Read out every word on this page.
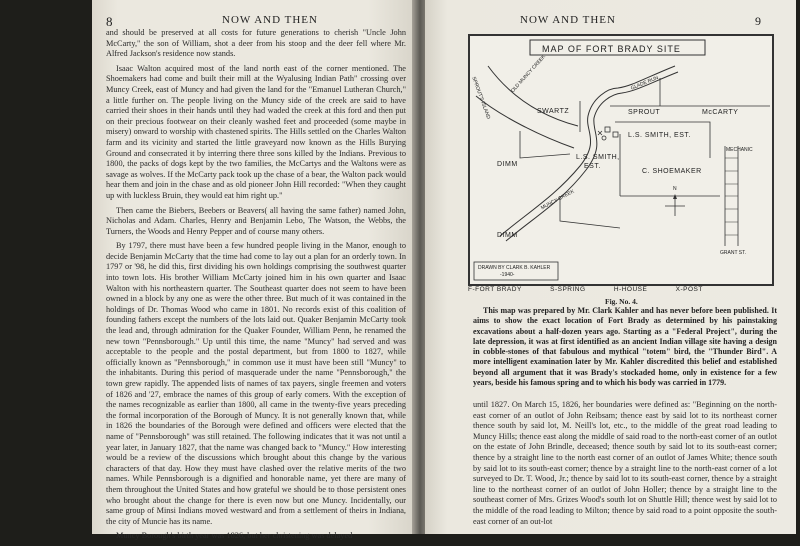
8	NOW AND THEN

and should be preserved at all costs for future generations to cherish "Uncle John McCarty," the son of William, shot a deer from his stoop and the deer fell where Mr. Alfred Jackson's residence now stands.

Isaac Walton acquired most of the land north east of the corner mentioned. The Shoemakers had come and built their mill at the Wyalusing Indian Path" crossing over Muncy Creek, east of Muncy and had given the land for the "Emanuel Lutheran Church," a little further on. The people living on the Muncy side of the creek are said to have carried their shoes in their hands until they had waded the creek at this ford and then put on their precious footwear on their cleanly washed feet and proceeded (some maybe in misery) onward to worship with chastened spirits. The Hills settled on the Charles Walton farm and its vicinity and started the little graveyard now known as the Hills Burying Ground and consecrated it by interring there three sons killed by the Indians. Previous to 1800, the packs of dogs kept by the two families, the McCartys and the Waltons were as savage as wolves. If the McCarty pack took up the chase of a bear, the Walton pack would hear them and join in the chase and as old pioneer John Hill recorded: "When they caught up with luckless Bruin, they would eat him right up."

Then came the Biebers, Beebers or Beavers( all having the same father) named John, Nicholas and Adam. Charles, Henry and Benjamin Lebo, The Watson, the Webbs, the Turners, the Woods and Henry Pepper and of course many others.

By 1797, there must have been a few hundred people living in the Manor, enough to decide Benjamin McCarty that the time had come to lay out a plan for an orderly town. In 1797 or '98, he did this, first dividing his own holdings comprising the southwest quarter into town lots. His brother William McCarty joined him in his own quarter and Isaac Walton with his northeastern quarter. The Southeast quarter does not seem to have been owned in a block by any one as were the other three. But much of it was contained in the holdings of Dr. Thomas Wood who came in 1801. No records exist of this coalition of founding fathers except the numbers of the lots laid out. Quaker Benjamin McCarty took the lead and, through admiration for the Quaker Founder, William Penn, he renamed the new town "Pennsborough." Up until this time, the name "Muncy" had served and was acceptable to the people and the postal department, but from 1800 to 1827, while officially known as "Pennsborough," in common use it must have been still "Muncy" to the inhabitants. During this period of masquerade under the name "Pennsborough," the town grew rapidly. The appended lists of names of tax payers, single freemen and voters of 1826 and '27, embrace the names of this group of early comers. With the exception of the names recognizable as earlier than 1800, all came in the twenty-five years preceding the formal incorporation of the Borough of Muncy. It is not generally known that, while in 1826 the boundaries of the Borough were defined and officers were elected that the name of "Pennsborough" was still retained. The following indicates that it was not until a year later, in January 1827, that the name was changed back to "Muncy." How interesting would be a review of the discussions which brought about this change by the various characters of that day. How they must have clashed over the relative merits of the two names. While Pennsborough is a dignified and honorable name, yet there are many of them throughout the United States and how grateful we should be to those persistent ones who brought about the change for there is even now but one Muncy. Incidentally, our same group of Minsi Indians moved westward and from a settlement of theirs in Indiana, the city of Muncie has its name.

Muncy Borough's birth year was 1826, but her christening was delayed

NOW AND THEN	9
MAP OF FORT BRADY SITE
SWARTZ	SPROUT	McCARTY
L.S. SMITH, EST.
L.S. SMITH,
EST.
C. SHOEMAKER
DIMM
DIMM
SPROUT'S ISLAND
OLD MUNCY CREEK
MUNCY CREEK
GLADE RUN
MECHANIC
GRANT ST.
N
DRAWN BY CLARK B. KAHLER
-1940-
F-FORT BRADY	S-SPRING	H-HOUSE	X-POST
Fig. No. 4.
This map was prepared by Mr. Clark Kahler and has never before been published. It aims to show the exact location of Fort Brady as determined by his painstaking excavations about a half-dozen years ago. Starting as a "Federal Project", during the late depression, it was at first identified as an ancient Indian village site having a design in cobble-stones of that fabulous and mythical "totem" bird, the "Thunder Bird". A more intelligent examination later by Mr. Kahler discredited this belief and established beyond all argument that it was Brady's stockaded home, only in existence for a few years, beside his famous spring and to which his body was carried in 1779.

until 1827. On March 15, 1826, her boundaries were defined as: "Beginning on the north-east corner of an outlot of John Reibsam; thence east by said lot to its northeast corner thence south by said lot, M. Neill's lot, etc., to the middle of the great road leading to Muncy Hills; thence east along the middle of said road to the north-east corner of an outlot on the estate of John Brindle, deceased; thence south by said lot to its south-east corner; thence by a straight line to the north east corner of an outlot of James White; thence south by said lot to its south-east corner; thence by a straight line to the north-east corner of a lot surveyed to Dr. T. Wood, Jr.; thence by said lot to its south-east corner, thence by a straight line to the northeast corner of an outlot of John Holler; thence by a straight line to the southeast corner of Mrs. Grizes Wood's south lot on Shuttle Hill; thence west by said lot to the middle of the road leading to Milton; thence by said road to a point opposite the south-east corner of an out-lot
